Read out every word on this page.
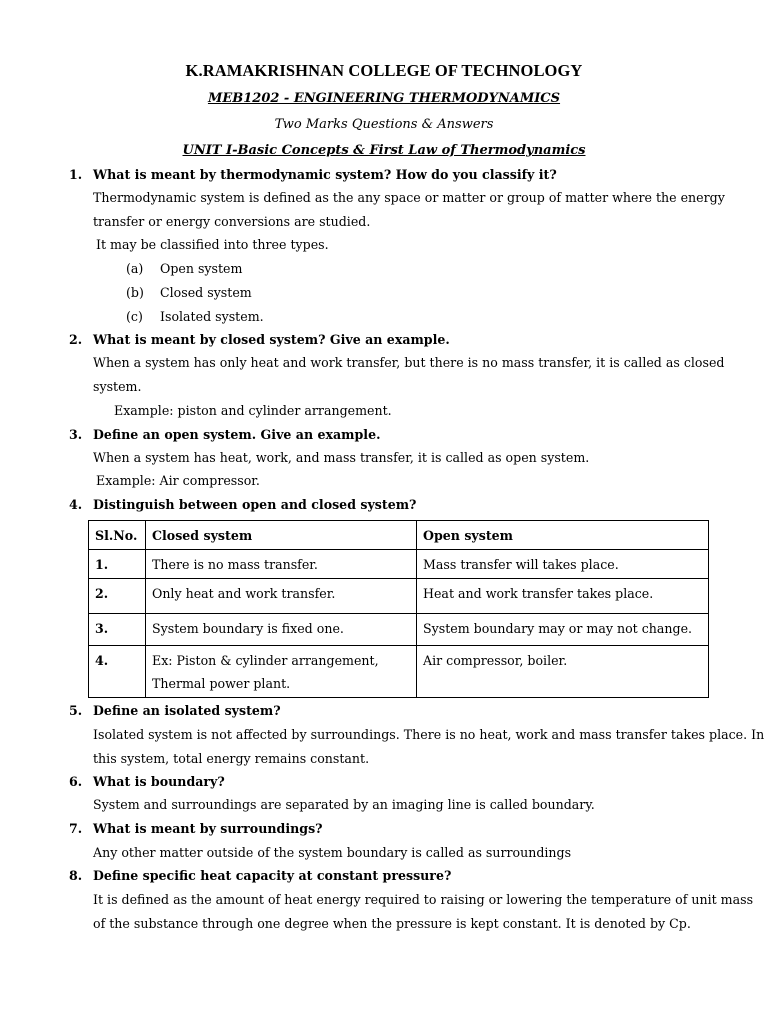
K.RAMAKRISHNAN COLLEGE OF TECHNOLOGY
MEB1202 - ENGINEERING THERMODYNAMICS
Two Marks Questions & Answers
UNIT I-Basic Concepts & First Law of Thermodynamics
1. What is meant by thermodynamic system? How do you classify it?
Thermodynamic system is defined as the any space or matter or group of matter where the energy
transfer or energy conversions are studied.
It may be classified into three types.
(a) Open system
(b) Closed system
(c) Isolated system.
2. What is meant by closed system? Give an example.
When a system has only heat and work transfer, but there is no mass transfer, it is called as closed
system.
Example: piston and cylinder arrangement.
3. Define an open system. Give an example.
When a system has heat, work, and mass transfer, it is called as open system.
Example: Air compressor.
4. Distinguish between open and closed system?
Sl.No.	Closed system	Open system
1.	There is no mass transfer.	Mass transfer will takes place.
2.	Only heat and work transfer.	Heat and work transfer takes place.
3.	System boundary is fixed one.	System boundary may or may not change.
4.	Ex: Piston & cylinder arrangement,
Thermal power plant.	Air compressor, boiler.
5. Define an isolated system?
Isolated system is not affected by surroundings. There is no heat, work and mass transfer takes place. In
this system, total energy remains constant.
6. What is boundary?
System and surroundings are separated by an imaging line is called boundary.
7. What is meant by surroundings?
Any other matter outside of the system boundary is called as surroundings
8. Define specific heat capacity at constant pressure?
It is defined as the amount of heat energy required to raising or lowering the temperature of unit mass
of the substance through one degree when the pressure is kept constant. It is denoted by Cp.
